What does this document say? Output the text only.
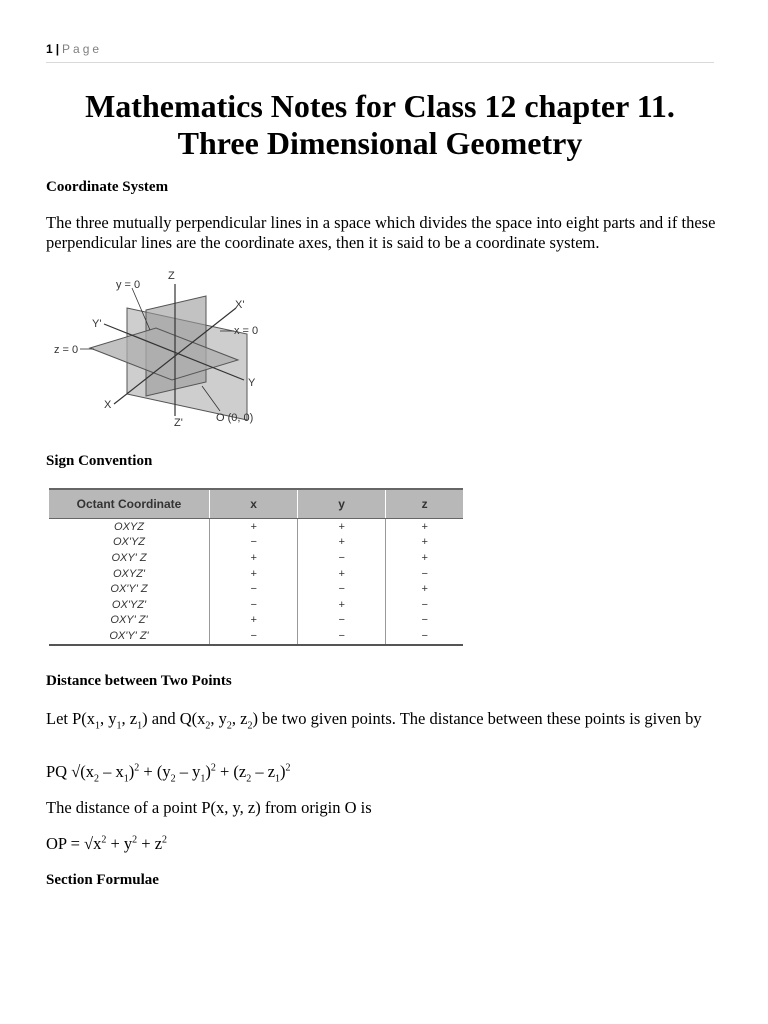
1 | Page
Mathematics Notes for Class 12 chapter 11.
Three Dimensional Geometry
Coordinate System
The three mutually perpendicular lines in a space which divides the space into eight parts and if these perpendicular lines are the coordinate axes, then it is said to be a coordinate system.
Z
y = 0
X'
Y'
x = 0
z = 0
Y
X
Z'	O (0, 0)
Sign Convention
Octant Coordinate	x	y	z
OXYZ	+	+	+
OX'YZ	−	+	+
OXY' Z	+	−	+
OXYZ'	+	+	−
OX'Y' Z	−	−	+
OX'YZ'	−	+	−
OXY' Z'	+	−	−
OX'Y' Z'	−	−	−
Distance between Two Points
Let $P(x_1$, $y_1$, $z_1$) and $Q(x_2$, $y_2$, $z_2$) be two given points. The distance between these points is given by
PQ $√(x_2 - x_1)^2 + (y_2 - y_1)^2 + (z_2 - z_1)^2$
The distance of a point P(x, y, z) from origin O is
OP = $√x^2 + y^2 + z^2$
Section Formulae
